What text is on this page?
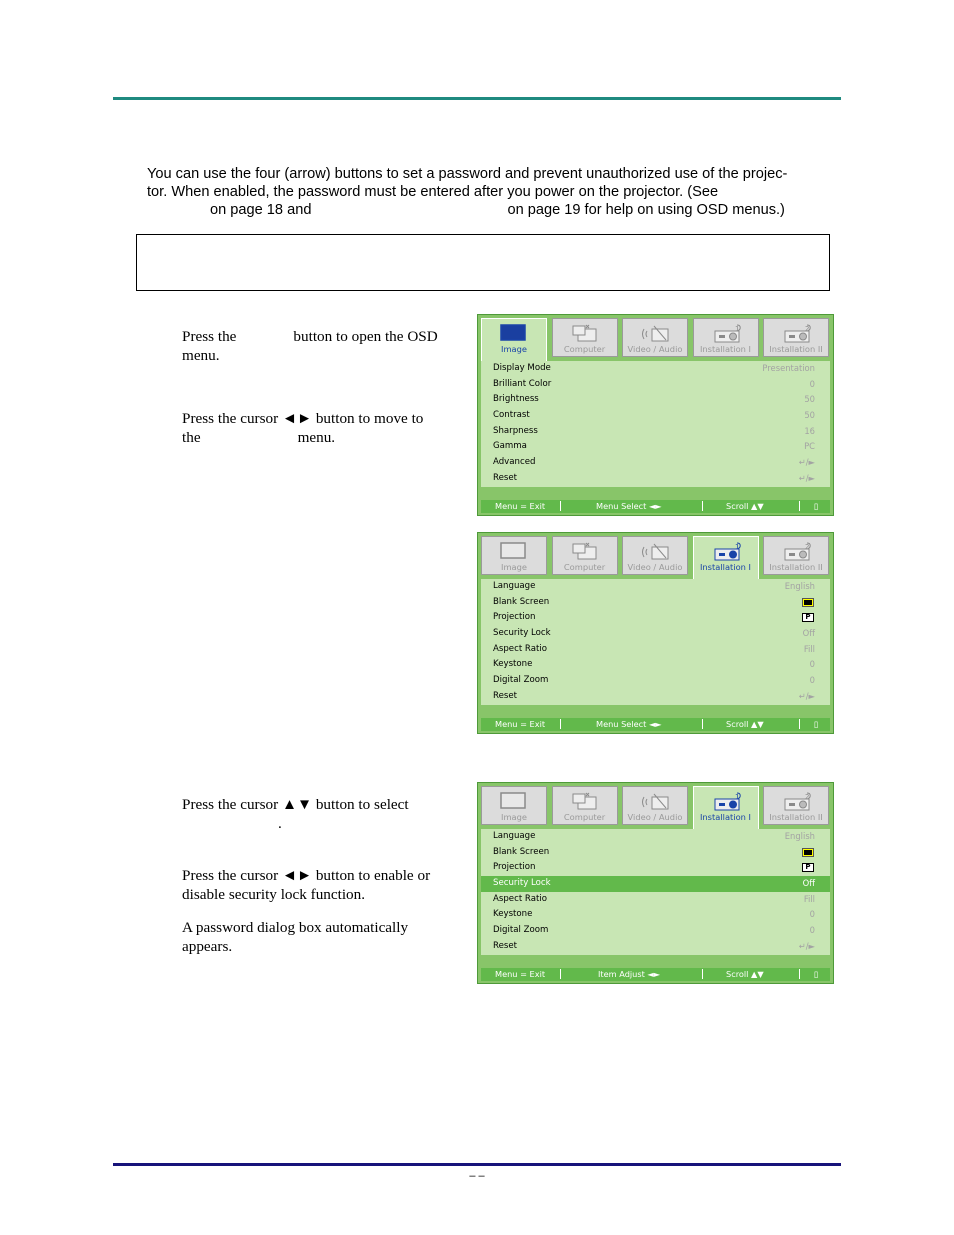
You can use the four (arrow) buttons to set a password and prevent unauthorized use of the projec-

tor. When enabled, the password must be entered after you power on the projector. (See

on page 18 and	on page 19 for help on using OSD menus.)

Press the	button to open the OSD

menu.

Press the cursor ◄► button to move to

the	menu.

Press the cursor ▲▼ button to select

.

Press the cursor ◄► button to enable or

disable security lock function.

A password dialog box automatically

appears.

Image	Computer	Video / Audio
1
Installation I
2
Installation II
Display Mode	Presentation
Brilliant Color	0
Brightness	50
Contrast	50
Sharpness	16
Gamma	PC
Advanced	↵/►
Reset	↵/►
Menu = Exit	Menu Select ◄►	Scroll ▲▼	▯
Image	Computer	Video / Audio
1
Installation I
2
Installation II
Language	English
Blank Screen
Projection	P
Security Lock	Off
Aspect Ratio	Fill
Keystone	0
Digital Zoom	0
Reset	↵/►
Menu = Exit	Menu Select ◄►	Scroll ▲▼	▯
Image	Computer	Video / Audio
1
Installation I
2
Installation II
Language	English
Blank Screen
Projection	P
Security Lock	Off
Aspect Ratio	Fill
Keystone	0
Digital Zoom	0
Reset	↵/►
Menu = Exit	Item Adjust ◄►	Scroll ▲▼	▯
– –
